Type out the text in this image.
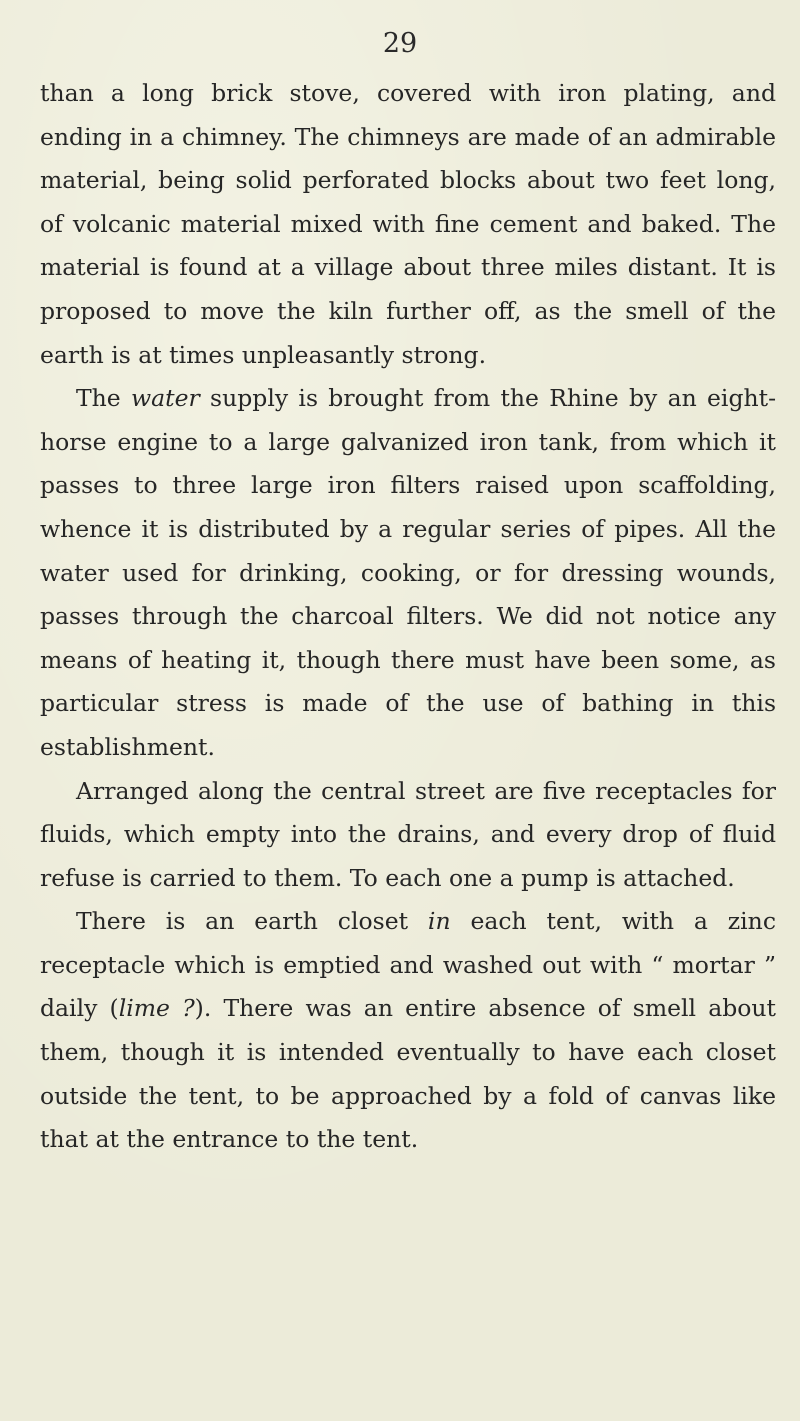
29

than a long brick stove, covered with iron plating, and ending in a chimney. The chimneys are made of an admirable material, being solid perforated blocks about two feet long, of volcanic material mixed with fine cement and baked. The material is found at a village about three miles distant. It is proposed to move the kiln further off, as the smell of the earth is at times unpleasantly strong.

The water supply is brought from the Rhine by an eight-horse engine to a large galvanized iron tank, from which it passes to three large iron filters raised upon scaffolding, whence it is distributed by a regular series of pipes. All the water used for drinking, cooking, or for dressing wounds, passes through the charcoal filters. We did not notice any means of heating it, though there must have been some, as particular stress is made of the use of bathing in this establishment.

Arranged along the central street are five receptacles for fluids, which empty into the drains, and every drop of fluid refuse is carried to them. To each one a pump is attached.

There is an earth closet in each tent, with a zinc receptacle which is emptied and washed out with “ mortar ” daily (lime ?). There was an entire absence of smell about them, though it is intended eventually to have each closet outside the tent, to be approached by a fold of canvas like that at the entrance to the tent.
